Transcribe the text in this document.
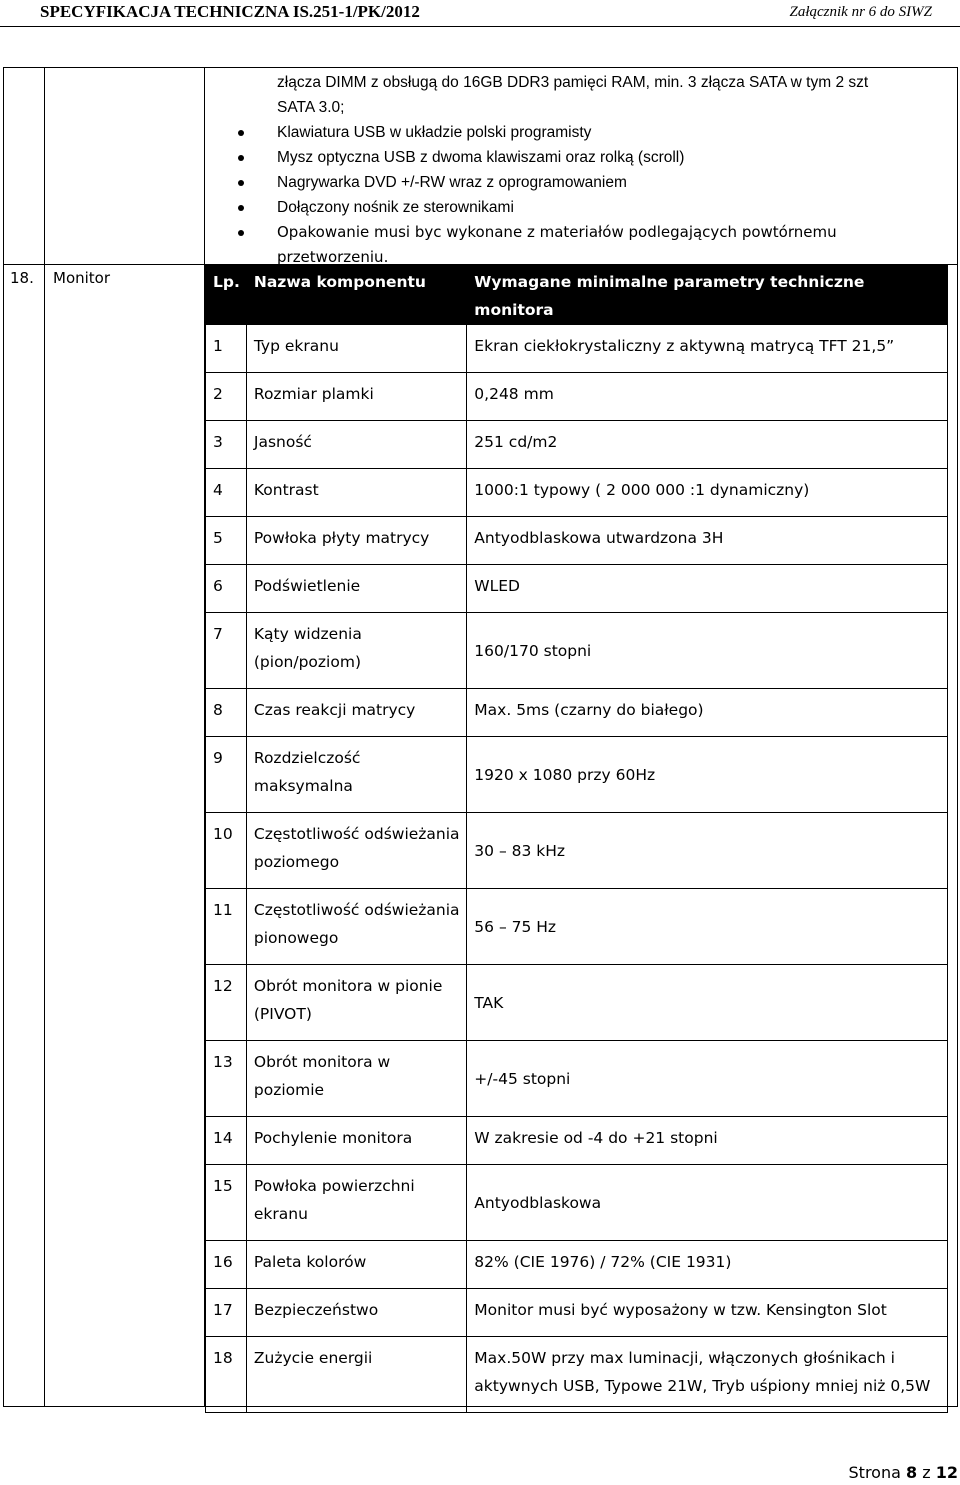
SPECYFIKACJA TECHNICZNA IS.251-1/PK/2012	Załącznik nr 6 do SIWZ
złącza DIMM z obsługą do 16GB DDR3 pamięci RAM, min. 3 złącza SATA w tym 2 szt
SATA 3.0;
Klawiatura USB w układzie polski programisty
Mysz optyczna USB z dwoma klawiszami oraz rolką (scroll)
Nagrywarka DVD +/-RW wraz z oprogramowaniem
Dołączony nośnik ze sterownikami
Opakowanie musi byc wykonane z materiałów podlegających powtórnemu
przetworzeniu.
18. Monitor	Lp.	Nazwa komponentu	Wymagane minimalne parametry techniczne monitora
1	Typ ekranu	Ekran ciekłokrystaliczny z aktywną matrycą TFT 21,5”
2	Rozmiar plamki	0,248 mm
3	Jasność	251 cd/m2
4	Kontrast	1000:1 typowy ( 2 000 000 :1 dynamiczny)
5	Powłoka płyty matrycy	Antyodblaskowa utwardzona 3H
6	Podświetlenie	WLED
7	Kąty widzenia (pion/poziom)	160/170 stopni
8	Czas reakcji matrycy	Max. 5ms (czarny do białego)
9	Rozdzielczość maksymalna	1920 x 1080 przy 60Hz
10	Częstotliwość odświeżania poziomego	30 – 83 kHz
11	Częstotliwość odświeżania pionowego	56 – 75 Hz
12	Obrót monitora w pionie (PIVOT)	TAK
13	Obrót monitora w poziomie	+/-45 stopni
14	Pochylenie monitora	W zakresie od -4 do +21 stopni
15	Powłoka powierzchni ekranu	Antyodblaskowa
16	Paleta kolorów	82% (CIE 1976) / 72% (CIE 1931)
17	Bezpieczeństwo	Monitor musi być wyposażony w tzw. Kensington Slot
18	Zużycie energii	Max.50W przy max luminacji, włączonych głośnikach i aktywnych USB, Typowe 21W, Tryb uśpiony mniej niż 0,5W
Strona 8 z 12
